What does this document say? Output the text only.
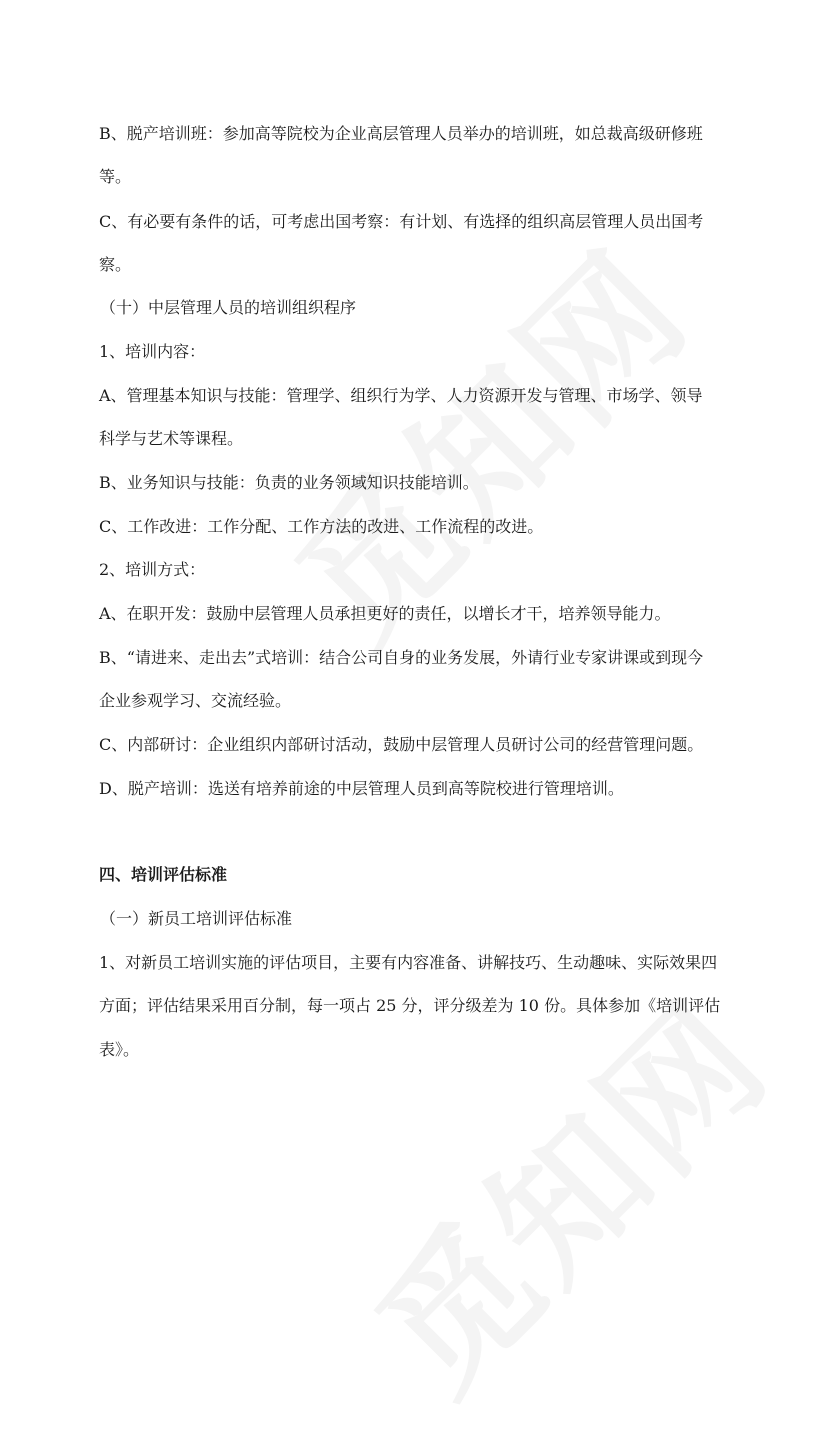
B、脱产培训班：参加高等院校为企业高层管理人员举办的培训班，如总裁高级研修班
等。
C、有必要有条件的话，可考虑出国考察：有计划、有选择的组织高层管理人员出国考
察。
（十）中层管理人员的培训组织程序
1、培训内容：
A、管理基本知识与技能：管理学、组织行为学、人力资源开发与管理、市场学、领导
科学与艺术等课程。
B、业务知识与技能：负责的业务领域知识技能培训。
C、工作改进：工作分配、工作方法的改进、工作流程的改进。
2、培训方式：
A、在职开发：鼓励中层管理人员承担更好的责任，以增长才干，培养领导能力。
B、“请进来、走出去”式培训：结合公司自身的业务发展，外请行业专家讲课或到现今
企业参观学习、交流经验。
C、内部研讨：企业组织内部研讨活动，鼓励中层管理人员研讨公司的经营管理问题。
D、脱产培训：选送有培养前途的中层管理人员到高等院校进行管理培训。
四、培训评估标准
（一）新员工培训评估标准
1、对新员工培训实施的评估项目，主要有内容准备、讲解技巧、生动趣味、实际效果四
方面；评估结果采用百分制，每一项占 25 分，评分级差为 10 份。具体参加《培训评估
表》。
